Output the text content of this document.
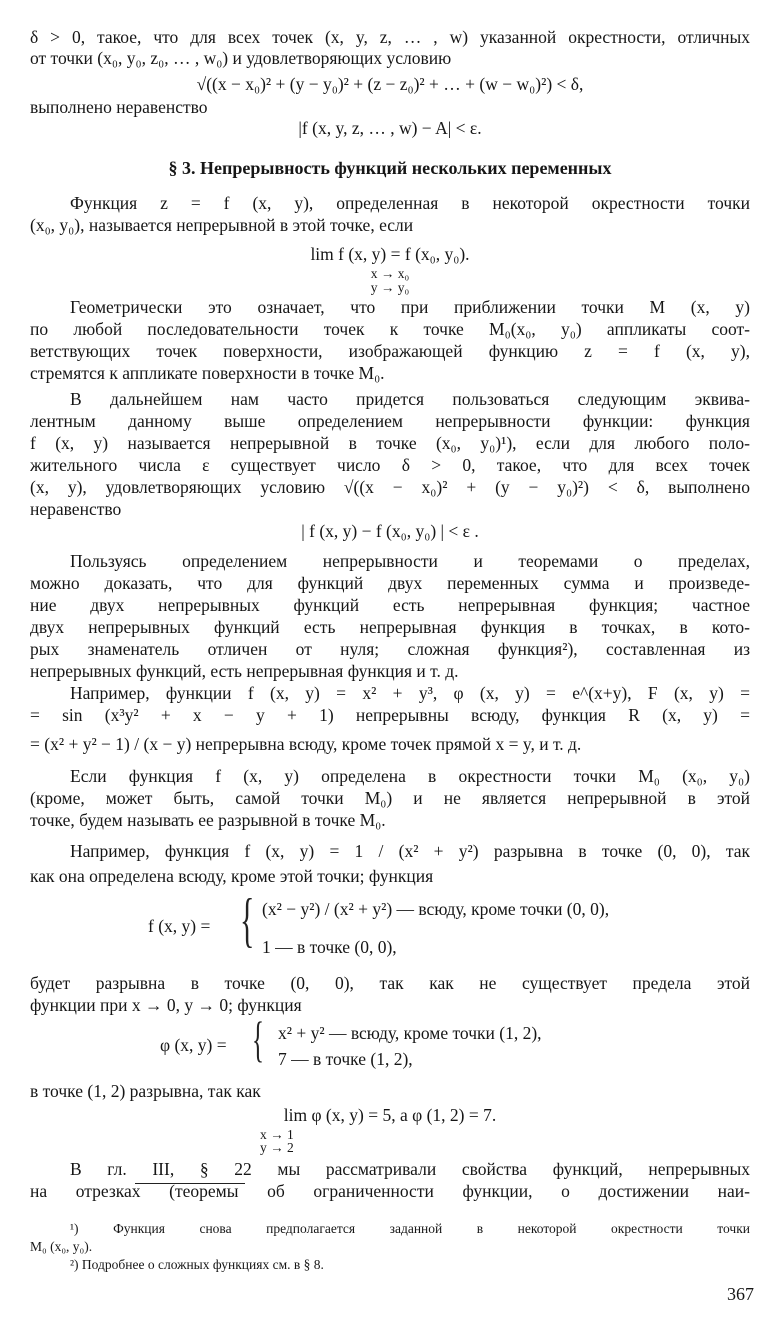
δ > 0, такое, что для всех точек (x, y, z, … , w) указанной окрестности, отличных
от точки (x₀, y₀, z₀, … , w₀) и удовлетворяющих условию
√((x − x₀)² + (y − y₀)² + (z − z₀)² + … + (w − w₀)²) < δ,
выполнено неравенство
|f (x, y, z, … , w) − A| < ε.
Функция z = f (x, y), определенная в некоторой окрестности точки
(x₀, y₀), называется непрерывной в этой точке, если
lim f (x, y) = f (x₀, y₀).
x → x₀
y → y₀
Геометрически это означает, что при приближении точки M (x, y)
по любой последовательности точек к точке M₀(x₀, y₀) аппликаты соот-
ветствующих точек поверхности, изображающей функцию z = f (x, y),
стремятся к аппликате поверхности в точке M₀.
В дальнейшем нам часто придется пользоваться следующим эквива-
лентным данному выше определением непрерывности функции: функция
f (x, y) называется непрерывной в точке (x₀, y₀)¹), если для любого поло-
жительного числа ε существует число δ > 0, такое, что для всех точек
(x, y), удовлетворяющих условию √((x − x₀)² + (y − y₀)²) < δ, выполнено
неравенство
| f (x, y) − f (x₀, y₀) | < ε .
Пользуясь определением непрерывности и теоремами о пределах,
можно доказать, что для функций двух переменных сумма и произведе-
ние двух непрерывных функций есть непрерывная функция; частное
двух непрерывных функций есть непрерывная функция в точках, в кото-
рых знаменатель отличен от нуля; сложная функция²), составленная из
непрерывных функций, есть непрерывная функция и т. д.
Например, функции f (x, y) = x² + y³, φ (x, y) = e^(x+y), F (x, y) =
= sin (x³y² + x − y + 1) непрерывны всюду, функция R (x, y) =
= (x² + y² − 1) / (x − y) непрерывна всюду, кроме точек прямой x = y, и т. д.
Если функция f (x, y) определена в окрестности точки M₀ (x₀, y₀)
(кроме, может быть, самой точки M₀) и не является непрерывной в этой
точке, будем называть ее разрывной в точке M₀.
Например, функция f (x, y) = 1 / (x² + y²) разрывна в точке (0, 0), так
как она определена всюду, кроме этой точки; функция
(x² − y²) / (x² + y²) — всюду, кроме точки (0, 0),
f (x, y) =
1 — в точке (0, 0),
будет разрывна в точке (0, 0), так как не существует предела этой
функции при x → 0, y → 0; функция
x² + y² — всюду, кроме точки (1, 2),
φ (x, y) =
7 — в точке (1, 2),
в точке (1, 2) разрывна, так как
lim φ (x, y) = 5, а φ (1, 2) = 7.
x → 1
y → 2
В гл. III, § 22 мы рассматривали свойства функций, непрерывных
на отрезках (теоремы об ограниченности функции, о достижении наи-
¹) Функция снова предполагается заданной в некоторой окрестности точки
M₀ (x₀, y₀).
²) Подробнее о сложных функциях см. в § 8.
§ 3. Непрерывность функций нескольких переменных
{
{
367
